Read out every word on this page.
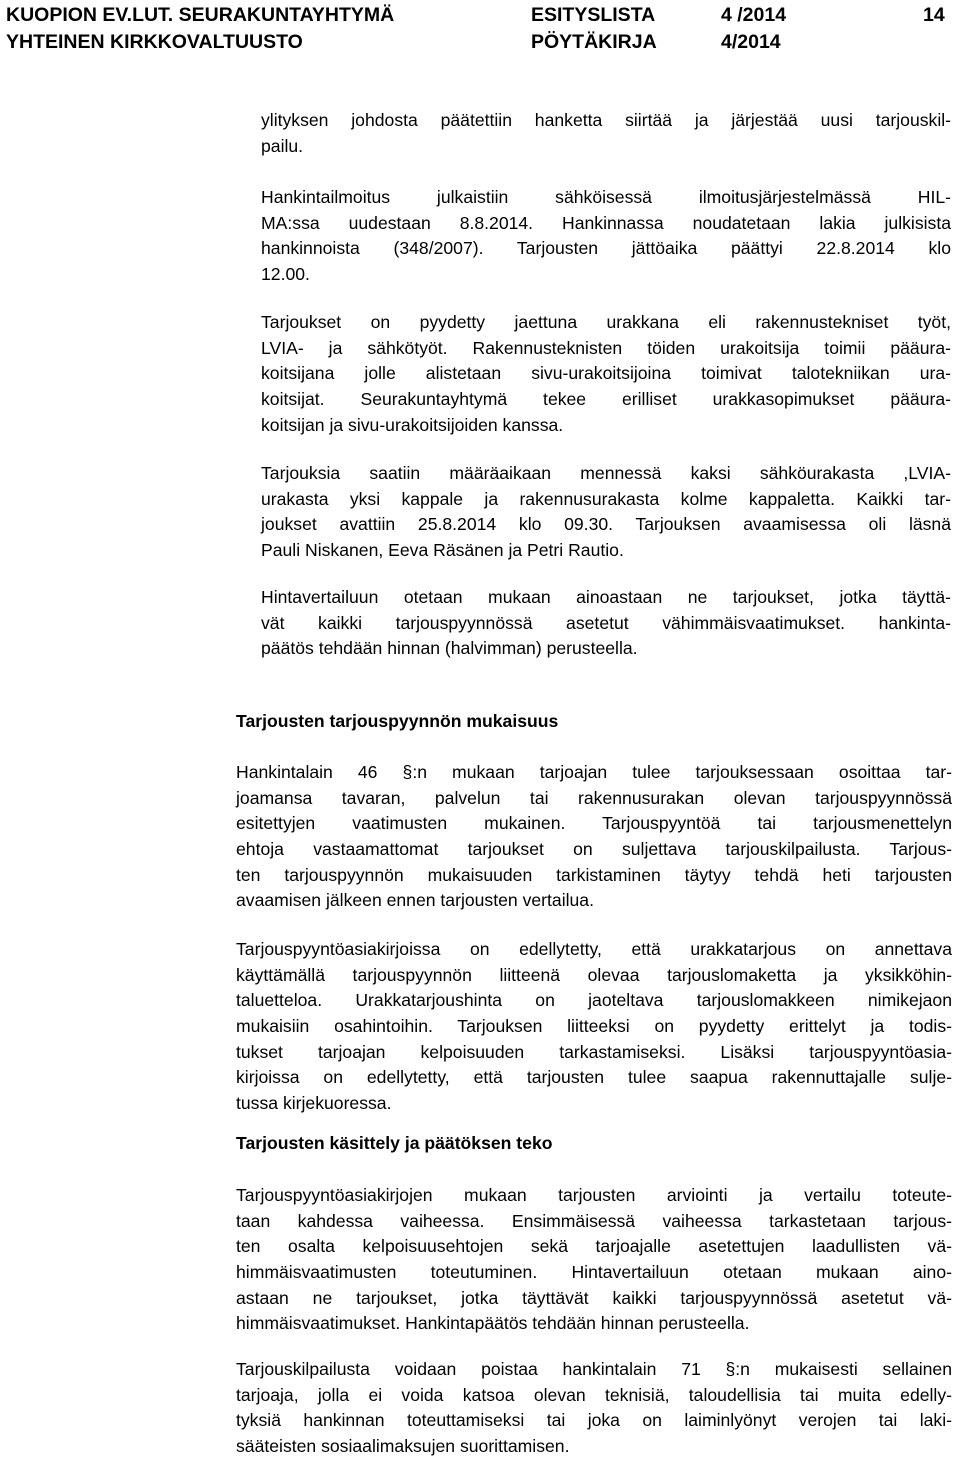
KUOPION EV.LUT. SEURAKUNTAYHTYMÄ	ESITYSLISTA	4 /2014	14
YHTEINEN KIRKKOVALTUUSTO	PÖYTÄKIRJA	4/2014
ylityksen johdosta päätettiin hanketta siirtää ja järjestää uusi tarjouskil-
pailu.
Hankintailmoitus julkaistiin sähköisessä ilmoitusjärjestelmässä HIL-
MA:ssa uudestaan 8.8.2014. Hankinnassa noudatetaan lakia julkisista
hankinnoista (348/2007). Tarjousten jättöaika päättyi 22.8.2014 klo
12.00.
Tarjoukset on pyydetty jaettuna urakkana eli rakennustekniset työt,
LVIA- ja sähkötyöt. Rakennusteknisten töiden urakoitsija toimii pääura-
koitsijana jolle alistetaan sivu-urakoitsijoina toimivat talotekniikan ura-
koitsijat. Seurakuntayhtymä tekee erilliset urakkasopimukset pääura-
koitsijan ja sivu-urakoitsijoiden kanssa.
Tarjouksia saatiin määräaikaan mennessä kaksi sähköurakasta ,LVIA-
urakasta yksi kappale ja rakennusurakasta kolme kappaletta. Kaikki tar-
joukset avattiin 25.8.2014 klo 09.30. Tarjouksen avaamisessa oli läsnä
Pauli Niskanen, Eeva Räsänen ja Petri Rautio.
Hintavertailuun otetaan mukaan ainoastaan ne tarjoukset, jotka täyttä-
vät kaikki tarjouspyynnössä asetetut vähimmäisvaatimukset. hankinta-
päätös tehdään hinnan (halvimman) perusteella.
Tarjousten tarjouspyynnön mukaisuus
Hankintalain 46 §:n mukaan tarjoajan tulee tarjouksessaan osoittaa tar-
joamansa tavaran, palvelun tai rakennusurakan olevan tarjouspyynnössä
esitettyjen vaatimusten mukainen. Tarjouspyyntöä tai tarjousmenettelyn
ehtoja vastaamattomat tarjoukset on suljettava tarjouskilpailusta. Tarjous-
ten tarjouspyynnön mukaisuuden tarkistaminen täytyy tehdä heti tarjousten
avaamisen jälkeen ennen tarjousten vertailua.
Tarjouspyyntöasiakirjoissa on edellytetty, että urakkatarjous on annettava
käyttämällä tarjouspyynnön liitteenä olevaa tarjouslomaketta ja yksikköhin-
taluetteloa. Urakkatarjoushinta on jaoteltava tarjouslomakkeen nimikejaon
mukaisiin osahintoihin. Tarjouksen liitteeksi on pyydetty erittelyt ja todis-
tukset tarjoajan kelpoisuuden tarkastamiseksi. Lisäksi tarjouspyyntöasia-
kirjoissa on edellytetty, että tarjousten tulee saapua rakennuttajalle sulje-
tussa kirjekuoressa.
Tarjousten käsittely ja päätöksen teko
Tarjouspyyntöasiakirjojen mukaan tarjousten arviointi ja vertailu toteute-
taan kahdessa vaiheessa. Ensimmäisessä vaiheessa tarkastetaan tarjous-
ten osalta kelpoisuusehtojen sekä tarjoajalle asetettujen laadullisten vä-
himmäisvaatimusten toteutuminen. Hintavertailuun otetaan mukaan aino-
astaan ne tarjoukset, jotka täyttävät kaikki tarjouspyynnössä asetetut vä-
himmäisvaatimukset. Hankintapäätös tehdään hinnan perusteella.
Tarjouskilpailusta voidaan poistaa hankintalain 71 §:n mukaisesti sellainen
tarjoaja, jolla ei voida katsoa olevan teknisiä, taloudellisia tai muita edelly-
tyksiä hankinnan toteuttamiseksi tai joka on laiminlyönyt verojen tai laki-
sääteisten sosiaalimaksujen suorittamisen.
